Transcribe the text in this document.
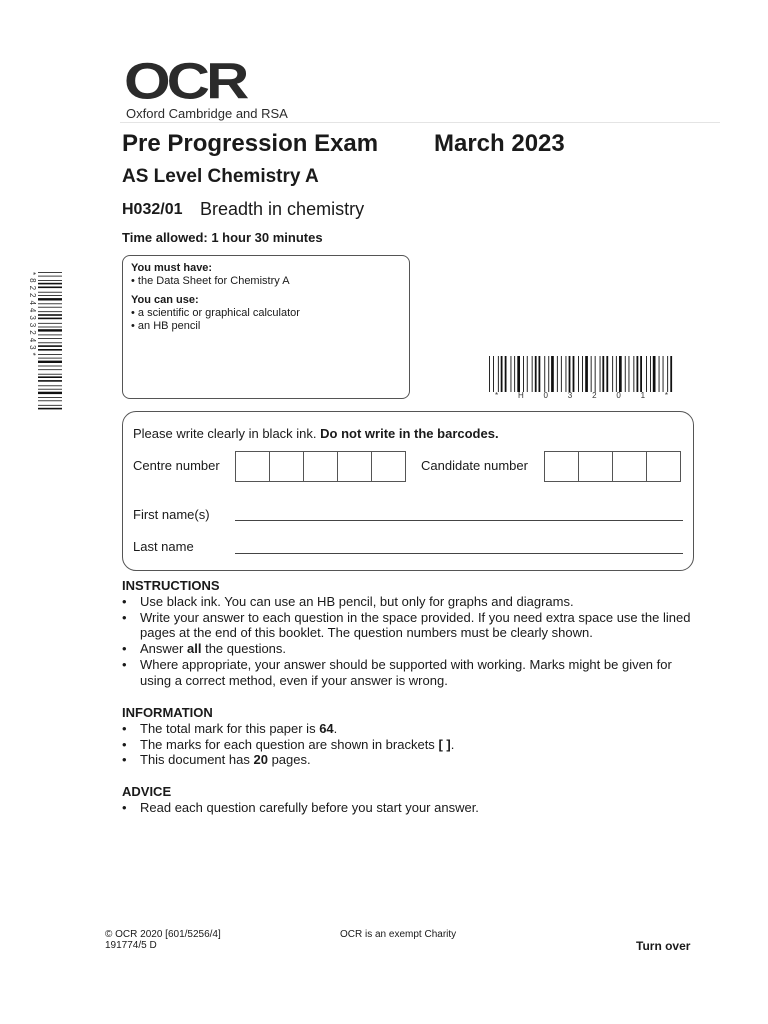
OCR
Oxford Cambridge and RSA
Pre Progression Exam March 2023
AS Level Chemistry A
H032/01 Breadth in chemistry
Time allowed: 1 hour 30 minutes
You must have:
• the Data Sheet for Chemistry A
You can use:
• a scientific or graphical calculator
• an HB pencil
*8224433243*
* H 0 3 2 0 1 *
Please write clearly in black ink. Do not write in the barcodes.
Centre number	Candidate number
First name(s)
Last name
INSTRUCTIONS
• Use black ink. You can use an HB pencil, but only for graphs and diagrams.
• Write your answer to each question in the space provided. If you need extra space use the lined pages at the end of this booklet. The question numbers must be clearly shown.
• Answer all the questions.
• Where appropriate, your answer should be supported with working. Marks might be given for using a correct method, even if your answer is wrong.
INFORMATION
• The total mark for this paper is 64.
• The marks for each question are shown in brackets [ ].
• This document has 20 pages.
ADVICE
• Read each question carefully before you start your answer.
© OCR 2020 [601/5256/4]
191774/5 D
OCR is an exempt Charity
Turn over
